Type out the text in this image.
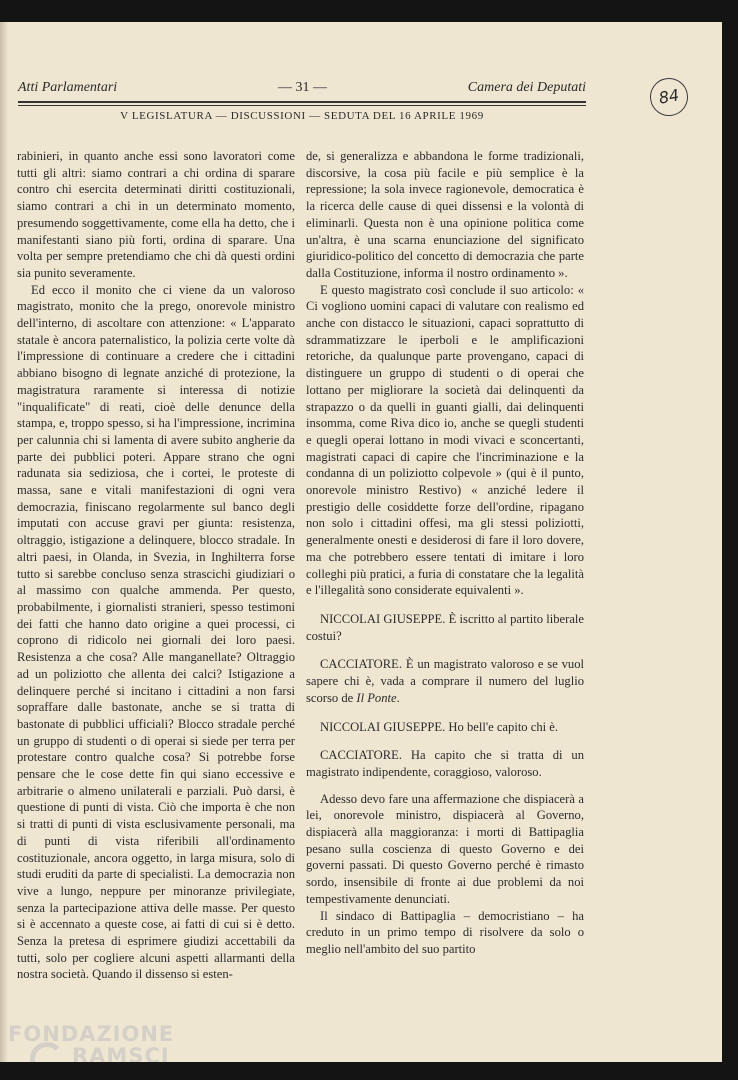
Atti Parlamentari	— 31 —	Camera dei Deputati	84
V LEGISLATURA — DISCUSSIONI — SEDUTA DEL 16 APRILE 1969

rabinieri, in quanto anche essi sono lavoratori come tutti gli altri: siamo contrari a chi ordina di sparare contro chi esercita determinati diritti costituzionali, siamo contrari a chi in un determinato momento, presumendo soggettivamente, come ella ha detto, che i manifestanti siano più forti, ordina di sparare. Una volta per sempre pretendiamo che chi dà questi ordini sia punito severamente.

Ed ecco il monito che ci viene da un valoroso magistrato, monito che la prego, onorevole ministro dell'interno, di ascoltare con attenzione: « L'apparato statale è ancora paternalistico, la polizia certe volte dà l'impressione di continuare a credere che i cittadini abbiano bisogno di legnate anziché di protezione, la magistratura raramente si interessa di notizie "inqualificate" di reati, cioè delle denunce della stampa, e, troppo spesso, si ha l'impressione, incrimina per calunnia chi si lamenta di avere subito angherie da parte dei pubblici poteri. Appare strano che ogni radunata sia sediziosa, che i cortei, le proteste di massa, sane e vitali manifestazioni di ogni vera democrazia, finiscano regolarmente sul banco degli imputati con accuse gravi per giunta: resistenza, oltraggio, istigazione a delinquere, blocco stradale. In altri paesi, in Olanda, in Svezia, in Inghilterra forse tutto si sarebbe concluso senza strascichi giudiziari o al massimo con qualche ammenda. Per questo, probabilmente, i giornalisti stranieri, spesso testimoni dei fatti che hanno dato origine a quei processi, ci coprono di ridicolo nei giornali dei loro paesi. Resistenza a che cosa? Alle manganellate? Oltraggio ad un poliziotto che allenta dei calci? Istigazione a delinquere perché si incitano i cittadini a non farsi sopraffare dalle bastonate, anche se si tratta di bastonate di pubblici ufficiali? Blocco stradale perché un gruppo di studenti o di operai si siede per terra per protestare contro qualche cosa? Si potrebbe forse pensare che le cose dette fin qui siano eccessive e arbitrarie o almeno unilaterali e parziali. Può darsi, è questione di punti di vista. Ciò che importa è che non si tratti di punti di vista esclusivamente personali, ma di punti di vista riferibili all'ordinamento costituzionale, ancora oggetto, in larga misura, solo di studi eruditi da parte di specialisti. La democrazia non vive a lungo, neppure per minoranze privilegiate, senza la partecipazione attiva delle masse. Per questo si è accennato a queste cose, ai fatti di cui si è detto. Senza la pretesa di esprimere giudizi accettabili da tutti, solo per cogliere alcuni aspetti allarmanti della nostra società. Quando il dissenso si esten-

de, si generalizza e abbandona le forme tradizionali, discorsive, la cosa più facile e più semplice è la repressione; la sola invece ragionevole, democratica è la ricerca delle cause di quei dissensi e la volontà di eliminarli. Questa non è una opinione politica come un'altra, è una scarna enunciazione del significato giuridico-politico del concetto di democrazia che parte dalla Costituzione, informa il nostro ordinamento ».

E questo magistrato così conclude il suo articolo: « Ci vogliono uomini capaci di valutare con realismo ed anche con distacco le situazioni, capaci soprattutto di sdrammatizzare le iperboli e le amplificazioni retoriche, da qualunque parte provengano, capaci di distinguere un gruppo di studenti o di operai che lottano per migliorare la società dai delinquenti da strapazzo o da quelli in guanti gialli, dai delinquenti insomma, come Riva dico io, anche se quegli studenti e quegli operai lottano in modi vivaci e sconcertanti, magistrati capaci di capire che l'incriminazione e la condanna di un poliziotto colpevole » (qui è il punto, onorevole ministro Restivo) « anziché ledere il prestigio delle cosiddette forze dell'ordine, ripagano non solo i cittadini offesi, ma gli stessi poliziotti, generalmente onesti e desiderosi di fare il loro dovere, ma che potrebbero essere tentati di imitare i loro colleghi più pratici, a furia di constatare che la legalità e l'illegalità sono considerate equivalenti ».

NICCOLAI GIUSEPPE. È iscritto al partito liberale costui?

CACCIATORE. È un magistrato valoroso e se vuol sapere chi è, vada a comprare il numero del luglio scorso de Il Ponte.

NICCOLAI GIUSEPPE. Ho bell'e capito chi è.

CACCIATORE. Ha capito che si tratta di un magistrato indipendente, coraggioso, valoroso.

Adesso devo fare una affermazione che dispiacerà a lei, onorevole ministro, dispiacerà al Governo, dispiacerà alla maggioranza: i morti di Battipaglia pesano sulla coscienza di questo Governo e dei governi passati. Di questo Governo perché è rimasto sordo, insensibile di fronte ai due problemi da noi tempestivamente denunciati.

Il sindaco di Battipaglia – democristiano – ha creduto in un primo tempo di risolvere da solo o meglio nell'ambito del suo partito

FONDAZIONE
RAMSCI
